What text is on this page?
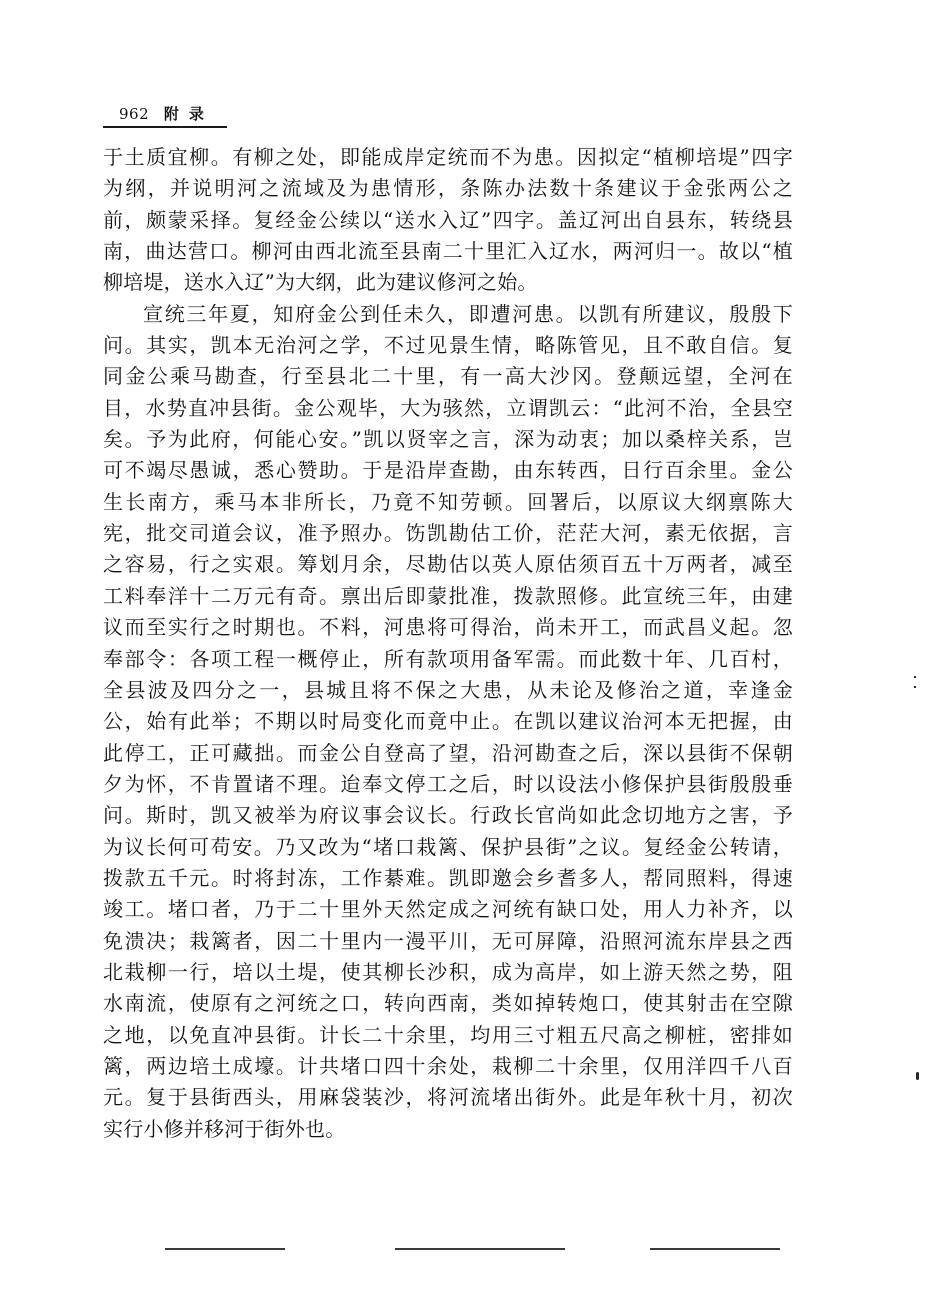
962 附录
于土质宜柳。有柳之处，即能成岸定统而不为患。因拟定“植柳培堤”四字
为纲，并说明河之流域及为患情形，条陈办法数十条建议于金张两公之
前，颇蒙采择。复经金公续以“送水入辽”四字。盖辽河出自县东，转绕县
南，曲达营口。柳河由西北流至县南二十里汇入辽水，两河归一。故以“植
柳培堤，送水入辽”为大纲，此为建议修河之始。
宣统三年夏，知府金公到任未久，即遭河患。以凯有所建议，殷殷下
问。其实，凯本无治河之学，不过见景生情，略陈管见，且不敢自信。复
同金公乘马勘查，行至县北二十里，有一高大沙冈。登颠远望，全河在
目，水势直冲县街。金公观毕，大为骇然，立谓凯云：“此河不治，全县空
矣。予为此府，何能心安。”凯以贤宰之言，深为动衷；加以桑梓关系，岂
可不竭尽愚诚，悉心赞助。于是沿岸查勘，由东转西，日行百余里。金公
生长南方，乘马本非所长，乃竟不知劳顿。回署后，以原议大纲禀陈大
宪，批交司道会议，准予照办。饬凯勘估工价，茫茫大河，素无依据，言
之容易，行之实艰。筹划月余，尽勘估以英人原估须百五十万两者，减至
工料奉洋十二万元有奇。禀出后即蒙批准，拨款照修。此宣统三年，由建
议而至实行之时期也。不料，河患将可得治，尚未开工，而武昌义起。忽
奉部令：各项工程一概停止，所有款项用备军需。而此数十年、几百村，
全县波及四分之一，县城且将不保之大患，从未论及修治之道，幸逢金
公，始有此举；不期以时局变化而竟中止。在凯以建议治河本无把握，由
此停工，正可藏拙。而金公自登高了望，沿河勘查之后，深以县街不保朝
夕为怀，不肯置诸不理。迨奉文停工之后，时以设法小修保护县街殷殷垂
问。斯时，凯又被举为府议事会议长。行政长官尚如此念切地方之害，予
为议长何可苟安。乃又改为“堵口栽篱、保护县街”之议。复经金公转请，
拨款五千元。时将封冻，工作綦难。凯即邀会乡耆多人，帮同照料，得速
竣工。堵口者，乃于二十里外天然定成之河统有缺口处，用人力补齐，以
免溃决；栽篱者，因二十里内一漫平川，无可屏障，沿照河流东岸县之西
北栽柳一行，培以土堤，使其柳长沙积，成为高岸，如上游天然之势，阻
水南流，使原有之河统之口，转向西南，类如掉转炮口，使其射击在空隙
之地，以免直冲县街。计长二十余里，均用三寸粗五尺高之柳桩，密排如
篱，两边培土成壕。计共堵口四十余处，栽柳二十余里，仅用洋四千八百
元。复于县街西头，用麻袋装沙，将河流堵出街外。此是年秋十月，初次
实行小修并移河于街外也。
